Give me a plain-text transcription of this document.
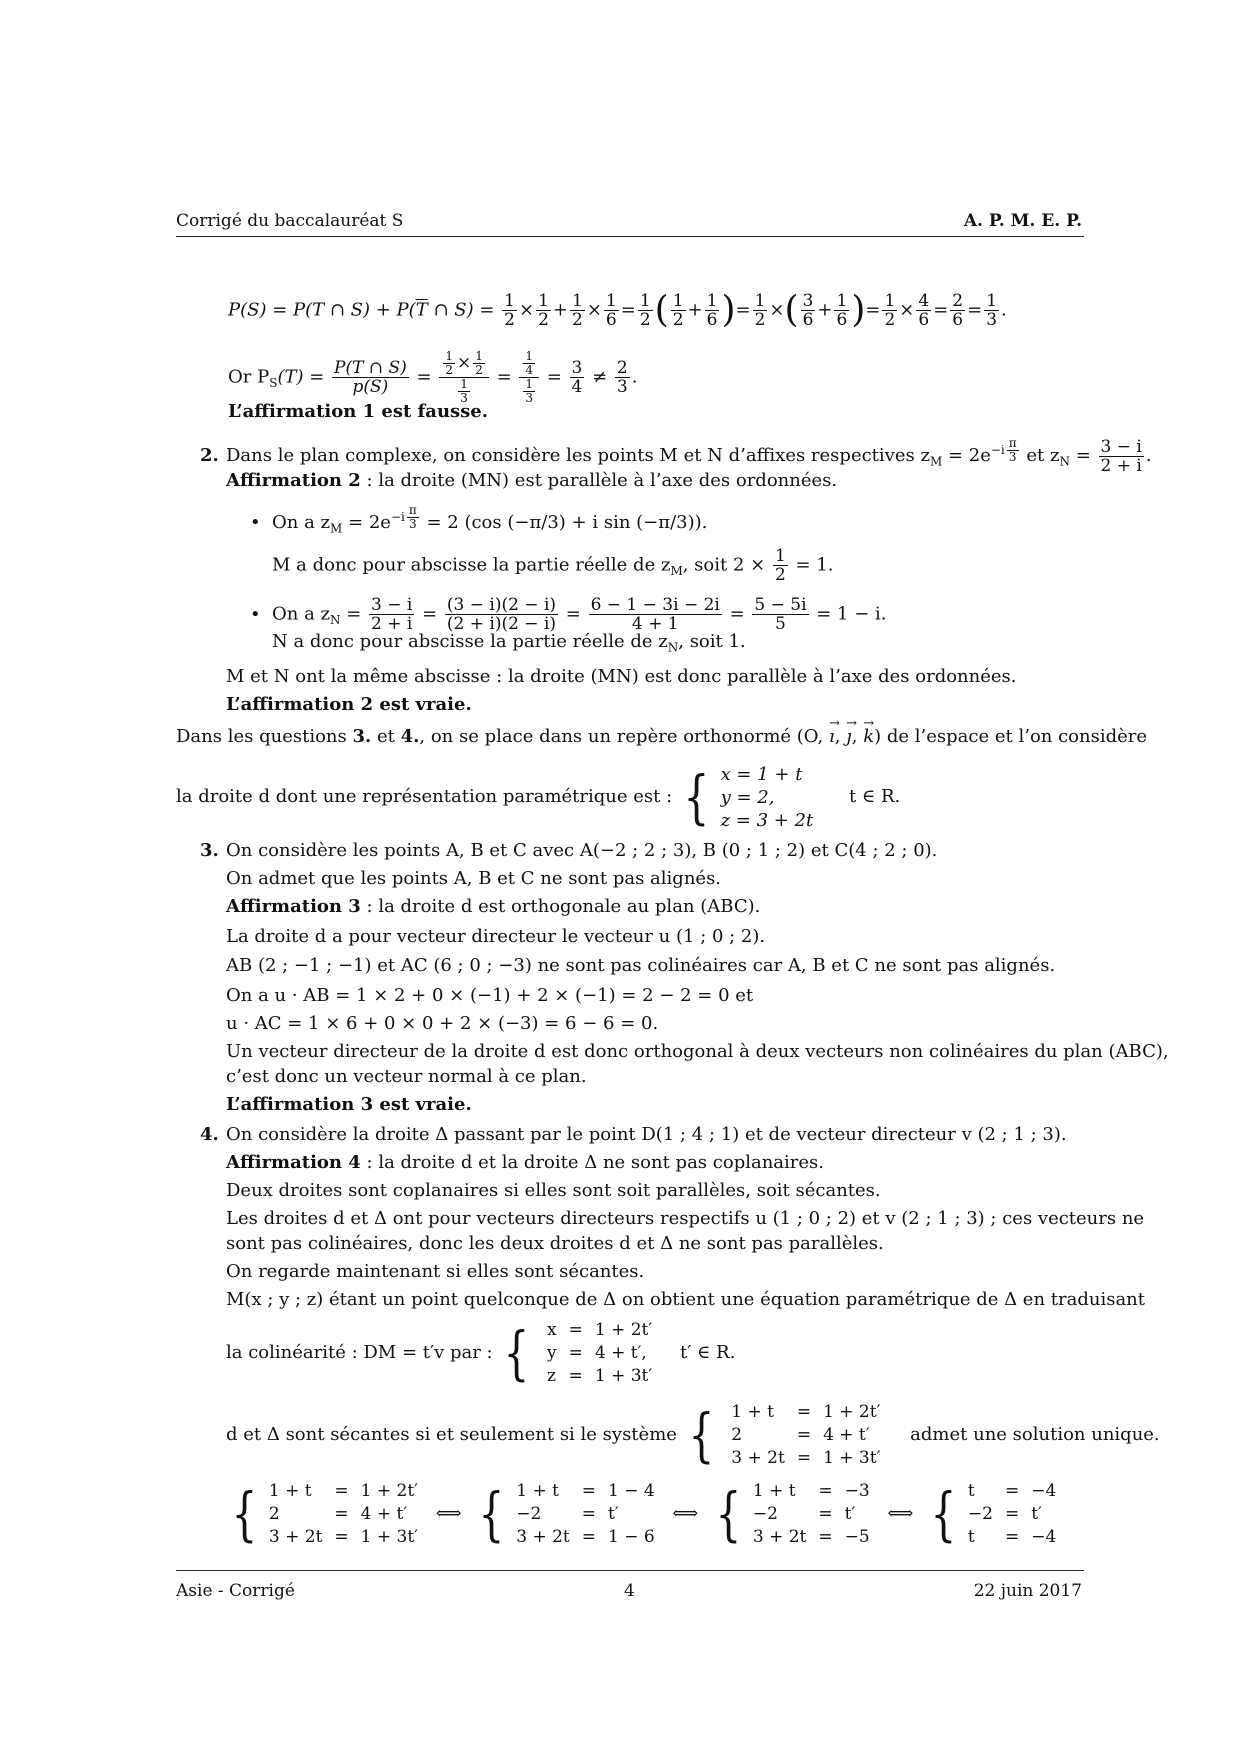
Corrigé du baccalauréat S	A. P. M. E. P.
P(S) = P(T ∩ $S) + P(\overline{T}$ ∩ $S) = \frac{1}{2} \times \frac{1}{2} + \frac{1}{2} \times \frac{1}{6} = \frac{1}{2}$ ( $\frac{1}{2} + \frac{1}{6}$ )= $\frac{1}{2}$ ×( $\frac{3}{6} + \frac{1}{6}$ )= $\frac{1}{2} \times \frac{4}{6} = \frac{2}{6} = \frac{1}{3}$ .
Or $P_S(T) = \frac{P(T \cap S)}{p(S)} = \frac{\frac{1}{2} \times \frac{1}{2}}{\frac{1}{3}} = \frac{\frac{1}{4}}{\frac{1}{3}} = \frac{3}{4} \ne \frac{2}{3}$ .
L’affirmation 1 est fausse.
2. Dans le plan complexe, on considère les points M et N d’affixes respectives $z_M = 2e^{-i \frac{\pi}{3}}$ et $z_N = \frac{3 - i}{2 + i}$ .
Affirmation 2 : la droite (MN) est parallèle à l’axe des ordonnées.
• On a $z_M = 2e^{-i \frac{\pi}{3}} = 2$ (cos (−π/3) + i sin (−π/3)).
M a donc pour abscisse la partie réelle de $z_M$, soit $2 \times \frac{1}{2} = 1$.
• On a $z_N = \frac{3 - i}{2 + i} = \frac{(3 - i)(2 - i)}{(2 + i)(2 - i)} = \frac{6 - 1 - 3i - 2i}{4 + 1} = \frac{5 - 5i}{5} = 1 - i$.
N a donc pour abscisse la partie réelle de $z_N$, soit 1.
M et N ont la même abscisse : la droite (MN) est donc parallèle à l’axe des ordonnées.
L’affirmation 2 est vraie.
Dans les questions 3. et 4., on se place dans un repère orthonormé (O, → ı, → ȷ, → k) de l’espace et l’on considère
la droite d dont une représentation paramétrique est : { x = 1 + t
y = 2,
z = 3 + 2t
t ∈ R.
3. On considère les points A, B et C avec A(−2 ; 2 ; 3), B (0 ; 1 ; 2) et C(4 ; 2 ; 0).
On admet que les points A, B et C ne sont pas alignés.
Affirmation 3 : la droite d est orthogonale au plan (ABC).
La droite d a pour vecteur directeur le vecteur u (1 ; 0 ; 2).
AB (2 ; −1 ; −1) et AC (6 ; 0 ; −3) ne sont pas colinéaires car A, B et C ne sont pas alignés.
On a u · AB = 1 × 2 + 0 × (−1) + 2 × (−1) = 2 − 2 = 0 et
u · AC = 1 × 6 + 0 × 0 + 2 × (−3) = 6 − 6 = 0.
Un vecteur directeur de la droite d est donc orthogonal à deux vecteurs non colinéaires du plan (ABC),
c’est donc un vecteur normal à ce plan.
L’affirmation 3 est vraie.
4. On considère la droite Δ passant par le point D(1 ; 4 ; 1) et de vecteur directeur v (2 ; 1 ; 3).
Affirmation 4 : la droite d et la droite Δ ne sont pas coplanaires.
Deux droites sont coplanaires si elles sont soit parallèles, soit sécantes.
Les droites d et Δ ont pour vecteurs directeurs respectifs u (1 ; 0 ; 2) et v (2 ; 1 ; 3) ; ces vecteurs ne
sont pas colinéaires, donc les deux droites d et Δ ne sont pas parallèles.
On regarde maintenant si elles sont sécantes.
M(x ; y ; z) étant un point quelconque de Δ on obtient une équation paramétrique de Δ en traduisant
la colinéarité : DM = t′v par : { x	=	1 + 2t′
y	=	4 + t′,
z	=	1 + 3t′ t′ ∈ R.
d et Δ sont sécantes si et seulement si le système { 1 + t	=	1 + 2t′
2	=	4 + t′
3 + 2t	=	1 + 3t′ admet une solution unique.
{ 1 + t	=	1 + 2t′
2	=	4 + t′
3 + 2t	=	1 + 3t′ ⟺ { 1 + t	=	1 − 4
−2	=	t′
3 + 2t	=	1 − 6 ⟺ { 1 + t	=	−3
−2	=	t′
3 + 2t	=	−5 ⟺ { t	=	−4
−2	=	t′
t	=	−4
Asie - Corrigé	4	22 juin 2017
